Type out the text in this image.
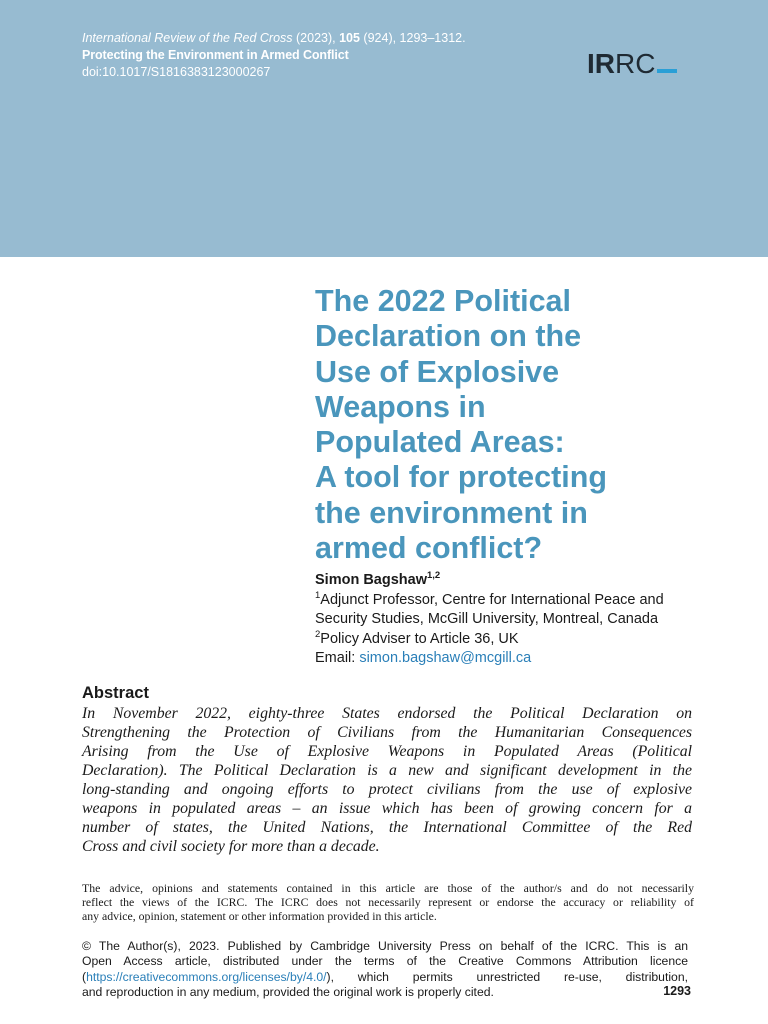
International Review of the Red Cross (2023), 105 (924), 1293–1312.
Protecting the Environment in Armed Conflict
doi:10.1017/S1816383123000267	IRRC
The 2022 Political
Declaration on the
Use of Explosive
Weapons in
Populated Areas:
A tool for protecting
the environment in
armed conflict?
Simon Bagshaw$^{1,2}$
$^1$Adjunct Professor, Centre for International Peace and
Security Studies, McGill University, Montreal, Canada
$^2$Policy Adviser to Article 36, UK
Email: simon.bagshaw@mcgill.ca
Abstract

In November 2022, eighty-three States endorsed the Political Declaration on
Strengthening the Protection of Civilians from the Humanitarian Consequences
Arising from the Use of Explosive Weapons in Populated Areas (Political
Declaration). The Political Declaration is a new and significant development in the
long-standing and ongoing efforts to protect civilians from the use of explosive
weapons in populated areas – an issue which has been of growing concern for a
number of states, the United Nations, the International Committee of the Red
Cross and civil society for more than a decade.

The advice, opinions and statements contained in this article are those of the author/s and do not necessarily
reflect the views of the ICRC. The ICRC does not necessarily represent or endorse the accuracy or reliability of
any advice, opinion, statement or other information provided in this article.

© The Author(s), 2023. Published by Cambridge University Press on behalf of the ICRC. This is an
Open Access article, distributed under the terms of the Creative Commons Attribution licence
(https://creativecommons.org/licenses/by/4.0/), which permits unrestricted re-use, distribution,
and reproduction in any medium, provided the original work is properly cited.	1293
